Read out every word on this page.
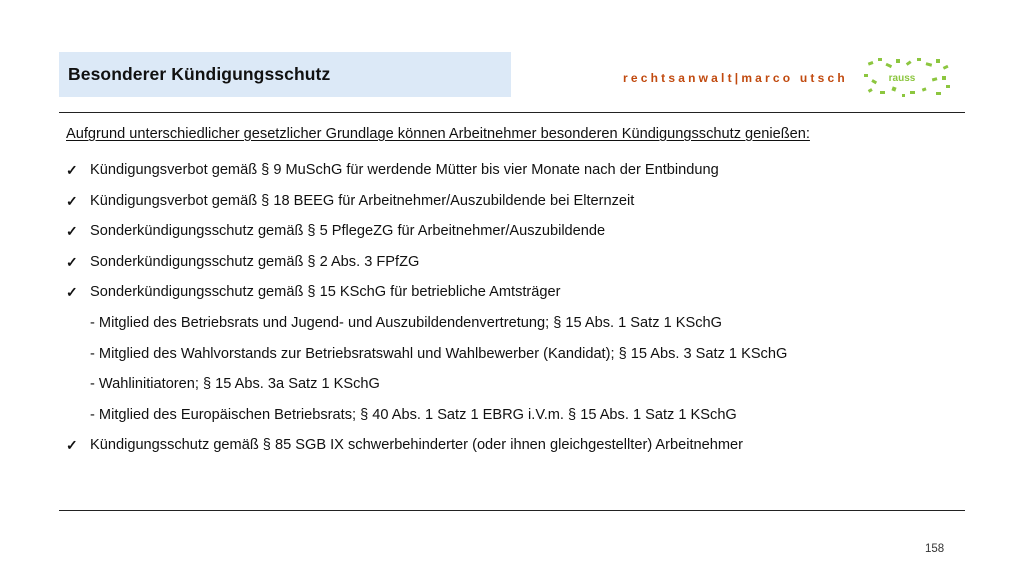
Besonderer Kündigungsschutz	rechtsanwalt|marco utsch	rauss
Aufgrund unterschiedlicher gesetzlicher Grundlage können Arbeitnehmer besonderen Kündigungsschutz genießen:
✓ Kündigungsverbot gemäß § 9 MuSchG für werdende Mütter bis vier Monate nach der Entbindung
✓ Kündigungsverbot gemäß § 18 BEEG für Arbeitnehmer/Auszubildende bei Elternzeit
✓ Sonderkündigungsschutz gemäß § 5 PflegeZG für Arbeitnehmer/Auszubildende
✓ Sonderkündigungsschutz gemäß § 2 Abs. 3 FPfZG
✓ Sonderkündigungsschutz gemäß § 15 KSchG für betriebliche Amtsträger
- Mitglied des Betriebsrats und Jugend- und Auszubildendenvertretung; § 15 Abs. 1 Satz 1 KSchG
- Mitglied des Wahlvorstands zur Betriebsratswahl und Wahlbewerber (Kandidat); § 15 Abs. 3 Satz 1 KSchG
- Wahlinitiatoren; § 15 Abs. 3a Satz 1 KSchG
- Mitglied des Europäischen Betriebsrats; § 40 Abs. 1 Satz 1 EBRG i.V.m. § 15 Abs. 1 Satz 1 KSchG
✓ Kündigungsschutz gemäß § 85 SGB IX schwerbehinderter (oder ihnen gleichgestellter) Arbeitnehmer
158
